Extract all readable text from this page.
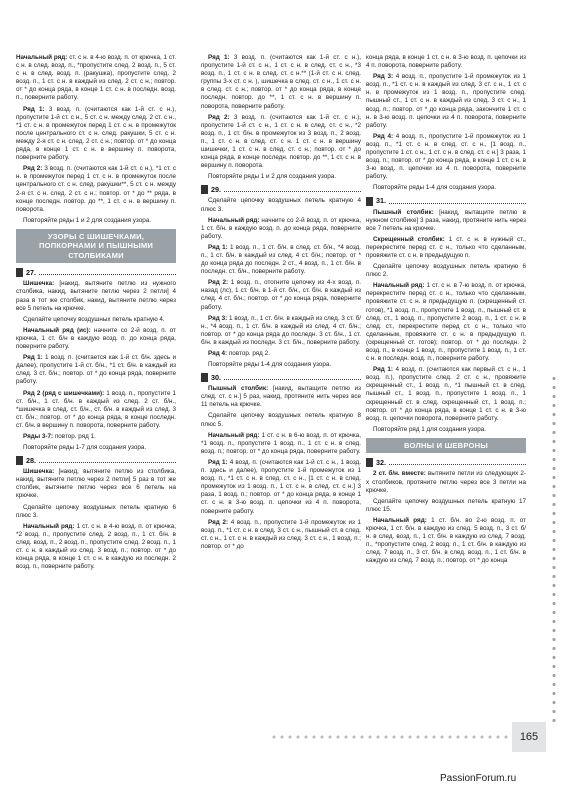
Начальный ряд: ст. с н. в 4-ю возд. п. от крючка, 1 ст. с н. в след. возд. п., *пропустите след. 2 возд. п., 5 ст. с н. в след. возд. п. (ракушка), пропустите след. 2 возд. п., 1 ст. с н. в каждый из след. 2 ст. с н.; повтор. от * до конца ряда, в конце 1 ст. с н. в последн. возд. п., поверните работу.

Ряд 1: 3 возд. п. (считаются как 1-й ст. с н.), пропустите 1-й ст. с н., 5 ст. с н. между след. 2 ст. с н., *1 ст. с н. в промежуток перед 1 ст. с н. в промежуток после центрального ст. с н. след. ракушки, 5 ст. с н. между 2-я ст. с н. след. 2 ст. с н.; повтор. от * до конца ряда, в конце 1 ст. с н. в вершину п. поворота, поверните работу.

Ряд 2: 3 возд. п. (считаются как 1-й ст. с н.), *1 ст. с н. в промежуток перед 1 ст. с н. в промежуток после центрального ст. с н. след. ракушки**, 5 ст. с н. между 2-я ст. с н. след. 2 ст. с н.; повтор. от * до ** ряда, в конце последн. повтор. до **, 1 ст. с н. в вершину п. поворота.

Повторяйте ряды 1 и 2 для создания узора.

УЗОРЫ С ШИШЕЧКАМИ, ПОПКОРНАМИ И ПЫШНЫМИ СТОЛБИКАМИ
27.

Шишечка: [накид, вытяните петлю из нужного столбика, накид, вытяните петлю через 2 петли] 4 раза в тот же столбик, накид, вытяните петлю через все 5 петель на крючке.

Сделайте цепочку воздушных петель кратную 4.

Начальный ряд (ис): начните со 2-й возд. п. от крючка, 1 ст. б/н в каждую возд. п. до конца ряда, поверните работу.

Ряд 1: 1 возд. п. (считается как 1-й ст. б/н. здесь и далее), пропустите 1-й ст. б/н., *1 ст. б/н. в каждый из след. 3 ст. б/н.; повтор. от * до конца ряда, поверните работу.

Ряд 2 (ряд с шишечками): 1 возд. п., пропустите 1 ст. б/н., 1 ст. б/н. в каждый из след. 2 ст. б/н., *шишечка в след. ст. б/н., ст. б/н. в каждый из след. 3 ст. б/н.; повтор. от * до конца ряда, в конце последн. ст. б/н. в вершину п. поворота, поверните работу.

Ряды 3-7: повтор. ряд 1.

Повторяйте ряды 1-7 для создания узора.

28.

Шишечка: [накид, вытяните петлю из столбика, накид, вытяните петлю через 2 петли] 5 раз в тот же столбик, вытяните петлю через все 6 петель на крючке.

Сделайте цепочку воздушных петель кратную 6 плюс 3.

Начальный ряд: 1 ст. с н. в 4-ю возд. п. от крючка, *2 возд. п., пропустите след. 2 возд. п., 1 ст. б/н. в след. возд. п., 2 возд. п., пропустите след. 2 возд. п., 1 ст. с н. в каждый из след. 3 возд. п.; повтор. от * до конца ряда, в конце 1 ст. с н. в каждую из последн. 2 возд. п., поверните работу.

Ряд 1: 3 возд. п. (считаются как 1-й ст. с н.), пропустите 1-й ст. с н., 1 ст. с н. в след. ст. с н., *3 возд. п., 1 ст. с н. в след. ст. с н.** (1-й ст. с н. след. группы 3-х ст. с н. ), шишечка в след. ст. с н., 1 ст. с н. в след. ст. с н.; повтор. от * до конца ряда, в конце последн. повтор. до **, 1 ст. с н. в вершину п. поворота, поверните работу.

Ряд 2: 3 возд. п. (считаются как 1-й ст. с н.), пропустите 1-й ст. с н., 1 ст. с н. в след. ст. с н., *2 возд. п., 1 ст. б/н. в промежуток из 3 возд. п., 2 возд. п., 1 ст. с н. в след. ст. с н. 1 ст. с н. в вершину шишечки, 1 ст. с н. в след. ст. с н.; повтор. от * до конца ряда, в конце последн. повтор. до **, 1 ст. с н. в вершину п. поворота.

Повторяйте ряды 1 и 2 для создания узора.

29.

Сделайте цепочку воздушных петель кратную 4 плюс 3.

Начальный ряд: начните со 2-й возд. п. от крючка, 1 ст. б/н. в каждую возд. п. до конца ряда, поверните работу.

Ряд 1: 1 возд. п., 1 ст. б/н. в след. ст. б/н., *4 возд. п., 1 ст. б/н. в каждый из след. 4 ст. б/н.; повтор. от * до конца ряда до последн. 2 ст., 4 возд. п., 1 ст. б/н. в последн. ст. б/н., поверните работу.

Ряд 2: 1 возд. п., отогните цепочку из 4-х возд. п. назад (лс), 1 ст. б/н. в 1-й ст. б/н., ст. б/н. в каждый из след. 4 ст. б/н.; повтор. от * до конца ряда, поверните работу.

Ряд 3: 1 возд. п., 1 ст. б/н. в каждый из след. 3 ст. б/н., *4 возд. п., 1 ст. б/н. в каждый из след. 4 ст. б/н.; повтор. от * до конца ряда до последн. 3 ст. б/н., 1 ст. б/н. в каждый из последн. 3 ст. б/н., поверните работу.

Ряд 4: повтор. ряд 2.

Повторяйте ряды 1-4 для создания узора.

30.

Пышный столбик: [накид, вытащите петлю из след. ст. с н.] 5 раз, накид, протяните нить через все 11 петель на крючке.

Сделайте цепочку воздушных петель кратную 8 плюс 5.

Начальный ряд: 1 ст. с н. в 6-ю возд. п. от крючка, *1 возд. п., пропустите 1 возд. п., 1 ст. с н. в след. возд. п.; повтор. от * до конца ряда, поверните работу.

Ряд 1: 4 возд. п. (считаются как 1-й ст. с н., 1 возд. п. здесь и далее), пропустите 1-й промежуток из 1 возд. п., *1 ст. с н. в след. ст. с н., [1 ст. с н. в след. промежуток из 1 возд. п., 1 ст. с н. в след. ст. с н.] 3 раза, 1 возд. п.; повтор. от * до конца ряда, в конце 1 ст. с н. в 3-ю возд. п. цепочки из 4 п. поворота, поверните работу.

Ряд 2: 4 возд. п., пропустите 1-й промежуток из 1 возд. п., *1 ст. с н. в след. 3 ст. с н., пышный ст. в след. ст. с н., 1 ст. с н. в каждый из след. 3 ст. с н., 1 возд. п.; повтор. от * до

конца ряда, в конце 1 ст. с н. в 3-ю возд. п. цепочки из 4 п. поворота, поверните работу.

Ряд 3: 4 возд. п., пропустите 1-й промежуток из 1 возд. п., *1 ст. с н. в каждый из след. 3 ст. с н., 1 ст. с н. в промежуток из 1 возд. п., пропустите след. пышный ст., 1 ст. с н. в каждый из след. 3 ст. с н., 1 возд. п.; повтор. от * до конца ряда, закончите 1 ст. с н. в 3-ю возд. п. цепочки из 4 п. поворота, поверните работу.

Ряд 4: 4 возд. п., пропустите 1-й промежуток из 1 возд. п., *1 ст. с н. в след. ст. с н., [1 возд. п., пропустите 1 ст. с н., 1 ст. с н. в след. ст. с н.] 3 раза, 1 возд. п.; повтор. от * до конца ряда, в конце 1 ст. с н. в 3-ю возд. п. цепочки из 4 п. поворота, поверните работу.

Повторяйте ряды 1-4 для создания узора.

31.

Пышный столбик: [накид, вытащите петлю в нужном столбике] 3 раза, накид, протяните нить через все 7 петель на крючке.

Скрещенный столбик: 1 ст. с н. в нужный ст., перекрестите перед ст. с н., только что сделанным, провяжите ст. с н. в предыдущую п.

Сделайте цепочку воздушных петель кратную 6 плюс 2.

Начальный ряд: 1 ст. с н. в 7-ю возд. п. от крючка, перекрестите перед ст. с н., только что сделанным, провяжите ст. с н. в предыдущую п. (скрещенный ст. готов), *1 возд. п., пропустите 1 возд. п., пышный ст. в след. ст., 1 возд. п., пропустите 2 возд. п., 1 ст. с н. в след. ст., перекрестите перед ст. с н., только что сделанным, провяжите ст. с н. в предыдущую п. (скрещенный ст. готов); повтор. от * до последн. 2 возд. п., в конце 1 возд. п., пропустите 1 возд. п., 1 ст. с н. в последн. возд. п., поверните работу.

Ряд 1: 4 возд. п. (считаются как первый ст. с н., 1 возд. п.), пропустите след. 2 ст. с н., провяжите скрещенный ст., 1 возд. п., *1 пышный ст. в след. пышный ст., 1 возд. п., пропустите 1 возд. п., 1 скрещенный ст. в след. скрещенный ст., 1 возд. п.; повтор. от * до конца ряда, в конце 1 ст. с н. в 3-ю возд. п. цепочки поворота, поверните работу.

Повторяйте ряд 1 для создания узора.

ВОЛНЫ И ШЕВРОНЫ
32.

2 ст. б/н. вместе: вытяните петли из следующих 2-х столбиков, протяните петлю через все 3 петли на крючке.

Сделайте цепочку воздушных петель кратную 17 плюс 15.

Начальный ряд: 1 ст. б/н. во 2-ю возд. п. от крючка, 1 ст. б/н. в каждую из след. 5 возд. п., 3 ст. б/н. в след. возд. п., 1 ст. б/н. в каждую из след. 7 возд. п., *пропустите след. 2 возд. п., 1 ст. б/н. в каждую из след. 7 возд. п., 3 ст. б/н. в след. возд. п., 1 ст. б/н. в каждую из след. 7 возд. п.; повтор. от * до конца

165
PassionForum.ru
